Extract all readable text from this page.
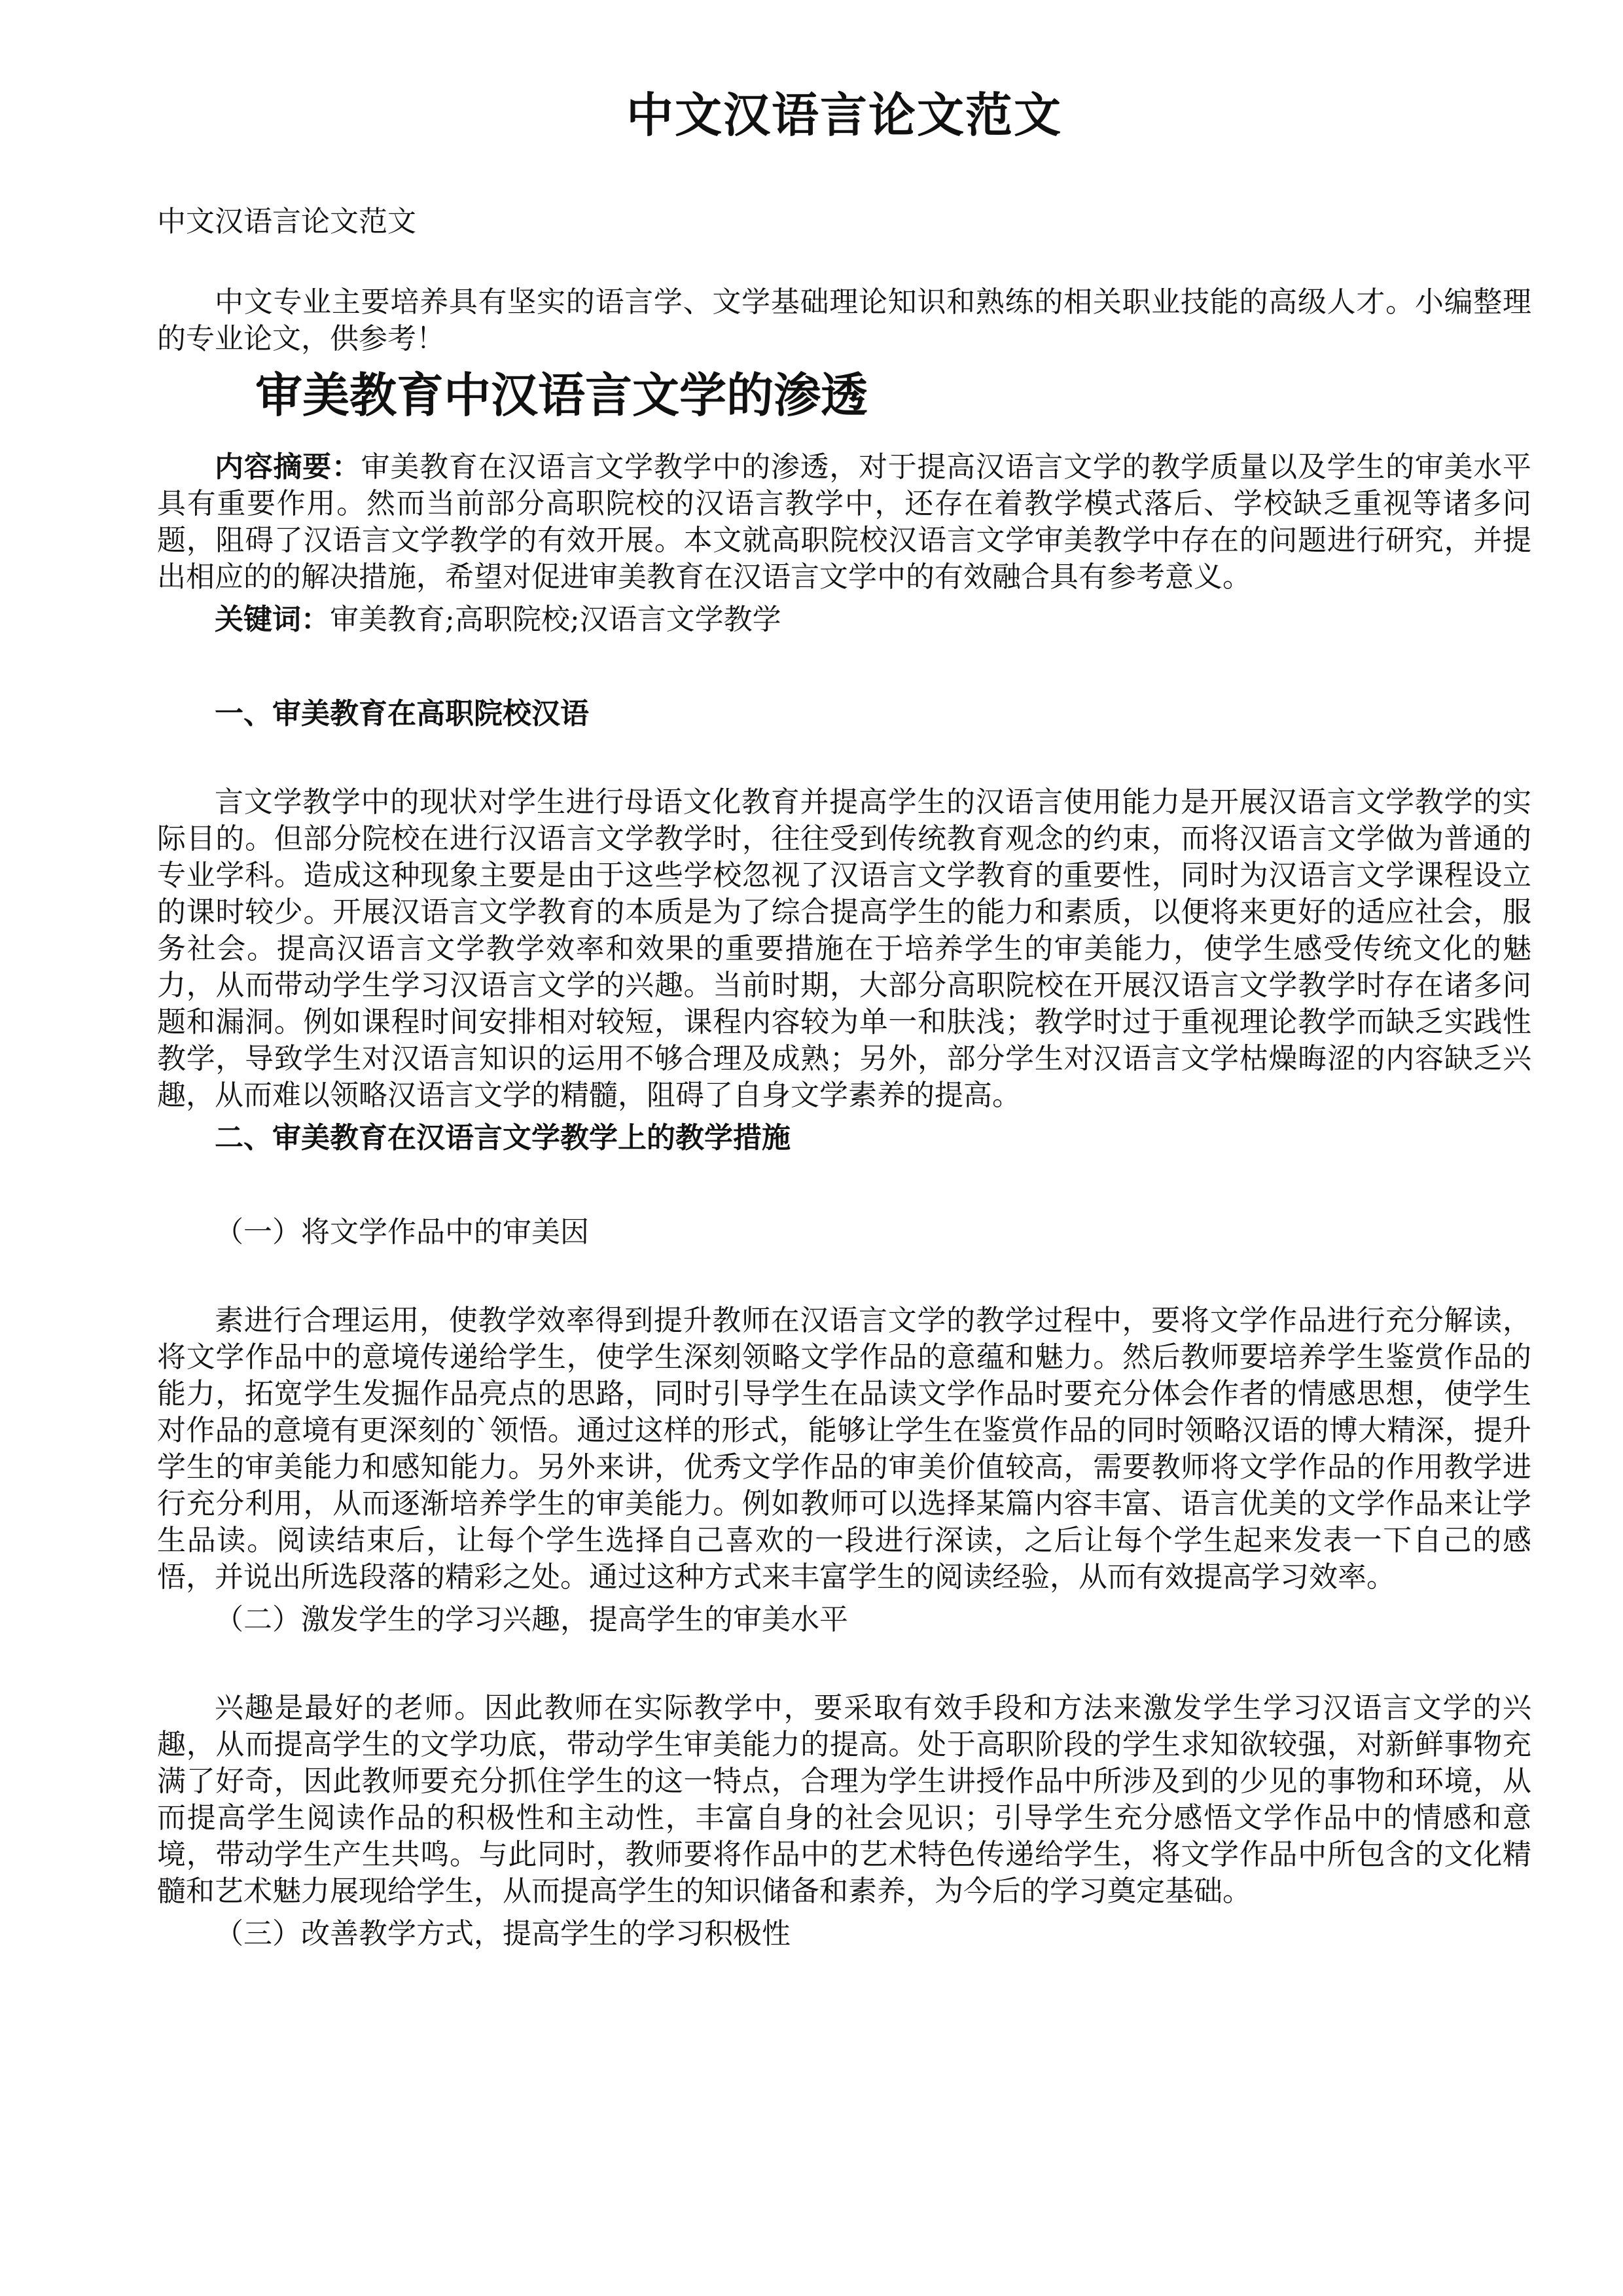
中文汉语言论文范文
中文汉语言论文范文

中文专业主要培养具有坚实的语言学、文学基础理论知识和熟练的相关职业技能的高级人才。小编整理的专业论文，供参考！

审美教育中汉语言文学的渗透

内容摘要：审美教育在汉语言文学教学中的渗透，对于提高汉语言文学的教学质量以及学生的审美水平具有重要作用。然而当前部分高职院校的汉语言教学中，还存在着教学模式落后、学校缺乏重视等诸多问题，阻碍了汉语言文学教学的有效开展。本文就高职院校汉语言文学审美教学中存在的问题进行研究，并提出相应的的解决措施，希望对促进审美教育在汉语言文学中的有效融合具有参考意义。

关键词：审美教育;高职院校;汉语言文学教学
一、审美教育在高职院校汉语

言文学教学中的现状对学生进行母语文化教育并提高学生的汉语言使用能力是开展汉语言文学教学的实际目的。但部分院校在进行汉语言文学教学时，往往受到传统教育观念的约束，而将汉语言文学做为普通的专业学科。造成这种现象主要是由于这些学校忽视了汉语言文学教育的重要性，同时为汉语言文学课程设立的课时较少。开展汉语言文学教育的本质是为了综合提高学生的能力和素质，以便将来更好的适应社会，服务社会。提高汉语言文学教学效率和效果的重要措施在于培养学生的审美能力，使学生感受传统文化的魅力，从而带动学生学习汉语言文学的兴趣。当前时期，大部分高职院校在开展汉语言文学教学时存在诸多问题和漏洞。例如课程时间安排相对较短，课程内容较为单一和肤浅；教学时过于重视理论教学而缺乏实践性教学，导致学生对汉语言知识的运用不够合理及成熟；另外，部分学生对汉语言文学枯燥晦涩的内容缺乏兴趣，从而难以领略汉语言文学的精髓，阻碍了自身文学素养的提高。

二、审美教育在汉语言文学教学上的教学措施
（一）将文学作品中的审美因

素进行合理运用，使教学效率得到提升教师在汉语言文学的教学过程中，要将文学作品进行充分解读，将文学作品中的意境传递给学生，使学生深刻领略文学作品的意蕴和魅力。然后教师要培养学生鉴赏作品的能力，拓宽学生发掘作品亮点的思路，同时引导学生在品读文学作品时要充分体会作者的情感思想，使学生对作品的意境有更深刻的`领悟。通过这样的形式，能够让学生在鉴赏作品的同时领略汉语的博大精深，提升学生的审美能力和感知能力。另外来讲，优秀文学作品的审美价值较高，需要教师将文学作品的作用教学进行充分利用，从而逐渐培养学生的审美能力。例如教师可以选择某篇内容丰富、语言优美的文学作品来让学生品读。阅读结束后，让每个学生选择自己喜欢的一段进行深读，之后让每个学生起来发表一下自己的感悟，并说出所选段落的精彩之处。通过这种方式来丰富学生的阅读经验，从而有效提高学习效率。

（二）激发学生的学习兴趣，提高学生的审美水平

兴趣是最好的老师。因此教师在实际教学中，要采取有效手段和方法来激发学生学习汉语言文学的兴趣，从而提高学生的文学功底，带动学生审美能力的提高。处于高职阶段的学生求知欲较强，对新鲜事物充满了好奇，因此教师要充分抓住学生的这一特点，合理为学生讲授作品中所涉及到的少见的事物和环境，从而提高学生阅读作品的积极性和主动性，丰富自身的社会见识；引导学生充分感悟文学作品中的情感和意境，带动学生产生共鸣。与此同时，教师要将作品中的艺术特色传递给学生，将文学作品中所包含的文化精髓和艺术魅力展现给学生，从而提高学生的知识储备和素养，为今后的学习奠定基础。

（三）改善教学方式，提高学生的学习积极性
